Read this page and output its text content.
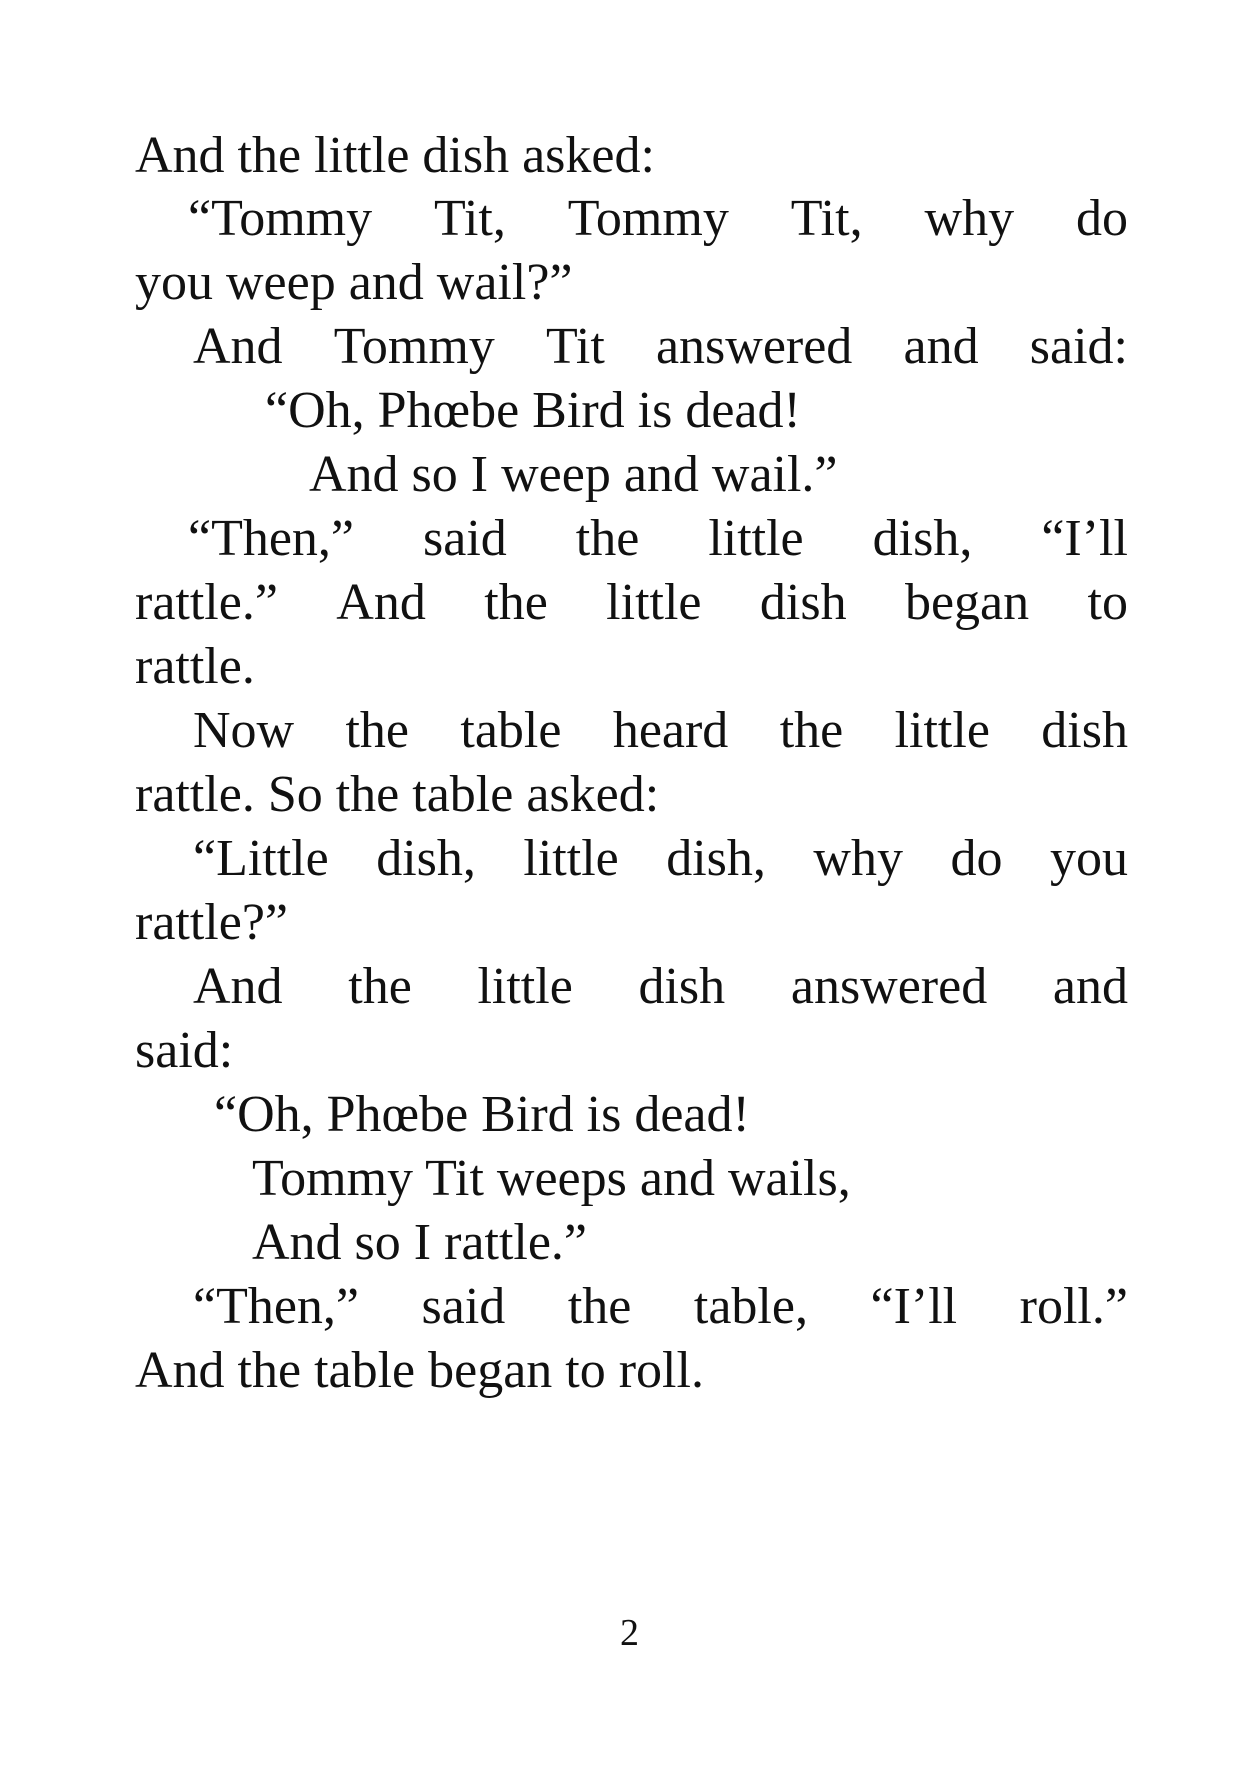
And the little dish asked:
“Tommy Tit, Tommy Tit, why do
you weep and wail?”
And Tommy Tit answered and said:
“Oh, Phœbe Bird is dead!
And so I weep and wail.”
“Then,” said the little dish, “I’ll
rattle.” And the little dish began to
rattle.
Now the table heard the little dish
rattle. So the table asked:
“Little dish, little dish, why do you
rattle?”
And the little dish answered and
said:
“Oh, Phœbe Bird is dead!
Tommy Tit weeps and wails,
And so I rattle.”
“Then,” said the table, “I’ll roll.”
And the table began to roll.
2
